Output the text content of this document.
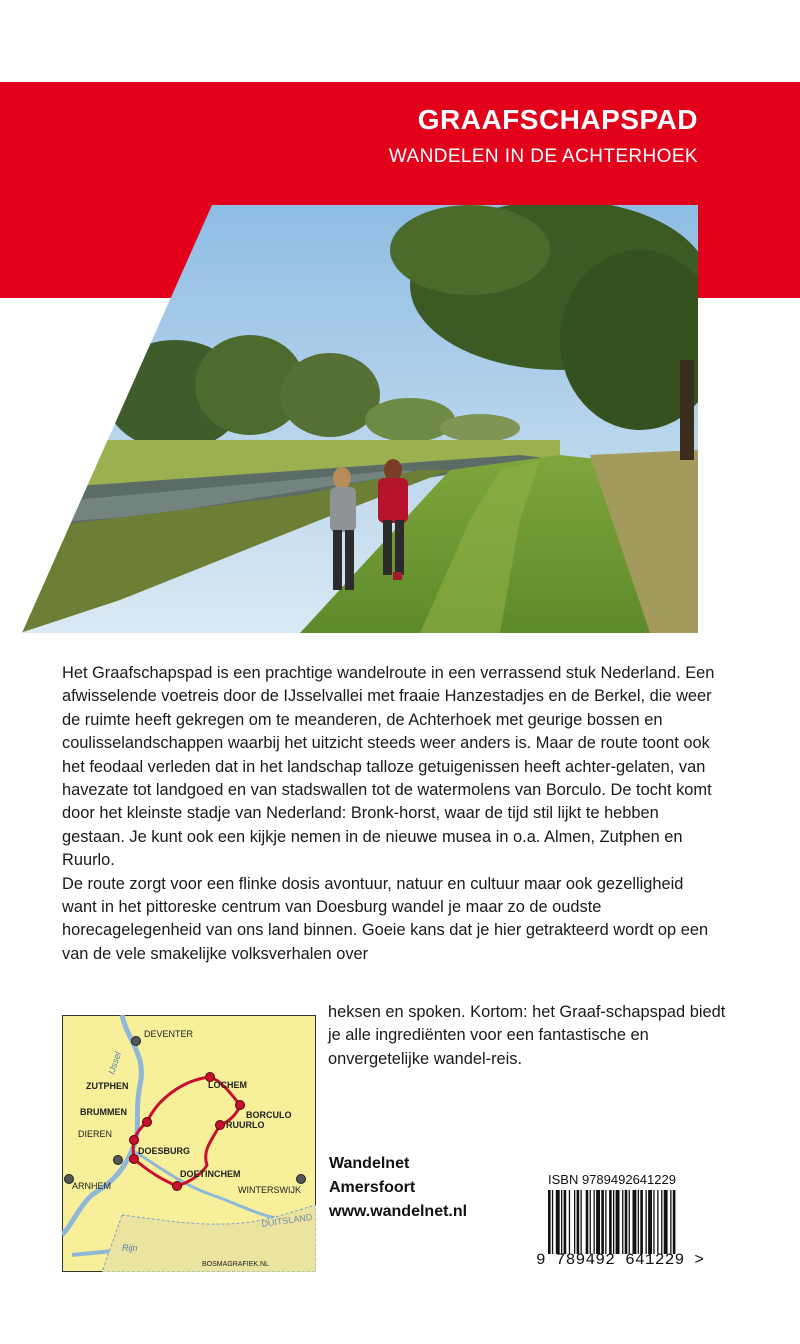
GRAAFSCHAPSPAD
WANDELEN IN DE ACHTERHOEK

Het Graafschapspad is een prachtige wandelroute in een verrassend stuk Nederland. Een afwisselende voetreis door de IJsselvallei met fraaie Hanzestadjes en de Berkel, die weer de ruimte heeft gekregen om te meanderen, de Achterhoek met geurige bossen en coulisselandschappen waarbij het uitzicht steeds weer anders is. Maar de route toont ook het feodaal verleden dat in het landschap talloze getuigenissen heeft achter-gelaten, van havezate tot landgoed en van stadswallen tot de watermolens van Borculo. De tocht komt door het kleinste stadje van Nederland: Bronk-horst, waar de tijd stil lijkt te hebben gestaan. Je kunt ook een kijkje nemen in de nieuwe musea in o.a. Almen, Zutphen en Ruurlo.

De route zorgt voor een flinke dosis avontuur, natuur en cultuur maar ook gezelligheid want in het pittoreske centrum van Doesburg wandel je maar zo de oudste horecagelegenheid van ons land binnen. Goeie kans dat je hier getrakteerd wordt op een van de vele smakelijke volksverhalen over

heksen en spoken. Kortom: het Graaf-schapspad biedt je alle ingrediënten voor een fantastische en onvergetelijke wandel-reis.
DEVENTER
ZUTPHEN	LOCHEM
BORCULO
BRUMMEN
RUURLO
DIEREN
DOESBURG
DOETINCHEM
ARNHEM	WINTERSWIJK
DUITSLAND
IJssel
Rijn
BOSMAGRAFIEK.NL
Wandelnet
Amersfoort
www.wandelnet.nl
ISBN 9789492641229
9 789492 641229 >
